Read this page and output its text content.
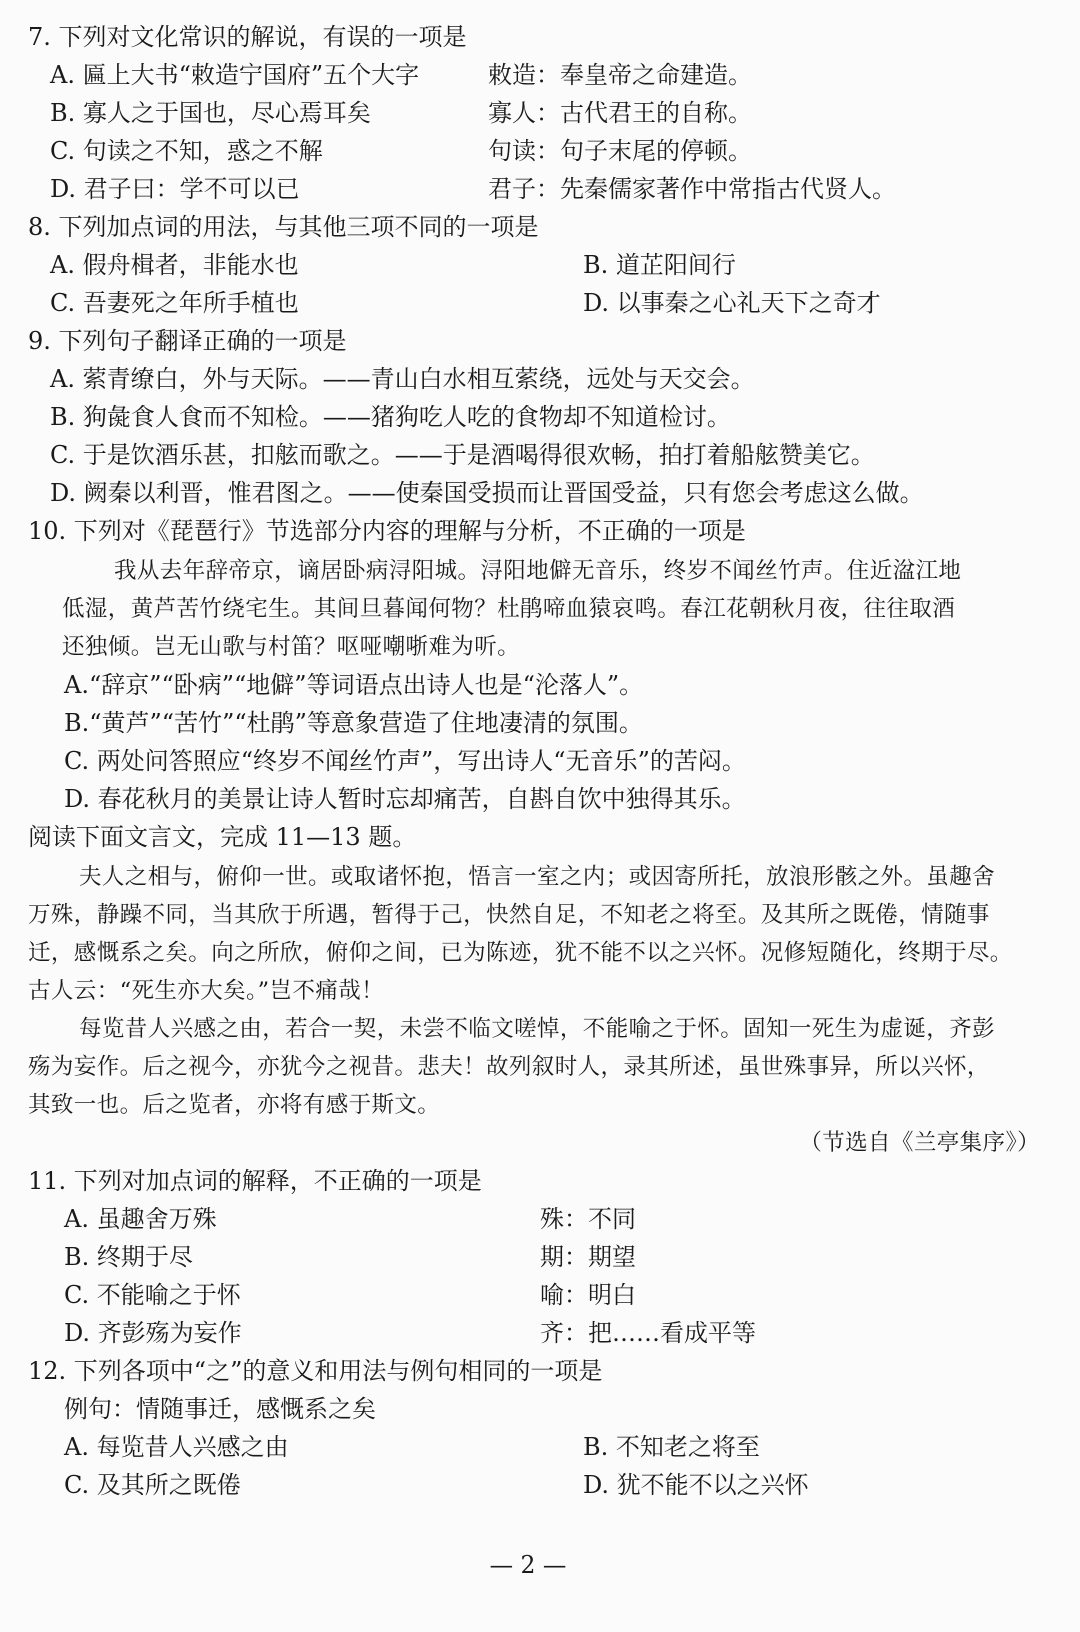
7. 下列对文化常识的解说，有误的一项是
A. 匾上大书“敕造宁国府”五个大字	敕造：奉皇帝之命建造。
B. 寡人之于国也，尽心焉耳矣	寡人：古代君王的自称。
C. 句读之不知，惑之不解	句读：句子末尾的停顿。
D. 君子曰：学不可以已	君子：先秦儒家著作中常指古代贤人。
8. 下列加点词的用法，与其他三项不同的一项是
A. 假舟楫者，非能水也	B. 道芷阳间行
C. 吾妻死之年所手植也	D. 以事秦之心礼天下之奇才
9. 下列句子翻译正确的一项是
A. 萦青缭白，外与天际。——青山白水相互萦绕，远处与天交会。
B. 狗彘食人食而不知检。——猪狗吃人吃的食物却不知道检讨。
C. 于是饮酒乐甚，扣舷而歌之。——于是酒喝得很欢畅，拍打着船舷赞美它。
D. 阙秦以利晋，惟君图之。——使秦国受损而让晋国受益，只有您会考虑这么做。
10. 下列对《琵琶行》节选部分内容的理解与分析，不正确的一项是
我从去年辞帝京，谪居卧病浔阳城。浔阳地僻无音乐，终岁不闻丝竹声。住近湓江地
低湿，黄芦苦竹绕宅生。其间旦暮闻何物？杜鹃啼血猿哀鸣。春江花朝秋月夜，往往取酒
还独倾。岂无山歌与村笛？呕哑嘲哳难为听。
A.“辞京”“卧病”“地僻”等词语点出诗人也是“沦落人”。
B.“黄芦”“苦竹”“杜鹃”等意象营造了住地凄清的氛围。
C. 两处问答照应“终岁不闻丝竹声”，写出诗人“无音乐”的苦闷。
D. 春花秋月的美景让诗人暂时忘却痛苦，自斟自饮中独得其乐。
阅读下面文言文，完成 11—13 题。
夫人之相与，俯仰一世。或取诸怀抱，悟言一室之内；或因寄所托，放浪形骸之外。虽趣舍
万殊，静躁不同，当其欣于所遇，暂得于己，快然自足，不知老之将至。及其所之既倦，情随事
迁，感慨系之矣。向之所欣，俯仰之间，已为陈迹，犹不能不以之兴怀。况修短随化，终期于尽。
古人云：“死生亦大矣。”岂不痛哉！
每览昔人兴感之由，若合一契，未尝不临文嗟悼，不能喻之于怀。固知一死生为虚诞，齐彭
殇为妄作。后之视今，亦犹今之视昔。悲夫！故列叙时人，录其所述，虽世殊事异，所以兴怀，
其致一也。后之览者，亦将有感于斯文。
（节选自《兰亭集序》）
11. 下列对加点词的解释，不正确的一项是
A. 虽趣舍万殊	殊：不同
B. 终期于尽	期：期望
C. 不能喻之于怀	喻：明白
D. 齐彭殇为妄作	齐：把……看成平等
12. 下列各项中“之”的意义和用法与例句相同的一项是
例句：情随事迁，感慨系之矣
A. 每览昔人兴感之由	B. 不知老之将至
C. 及其所之既倦	D. 犹不能不以之兴怀
— 2 —
